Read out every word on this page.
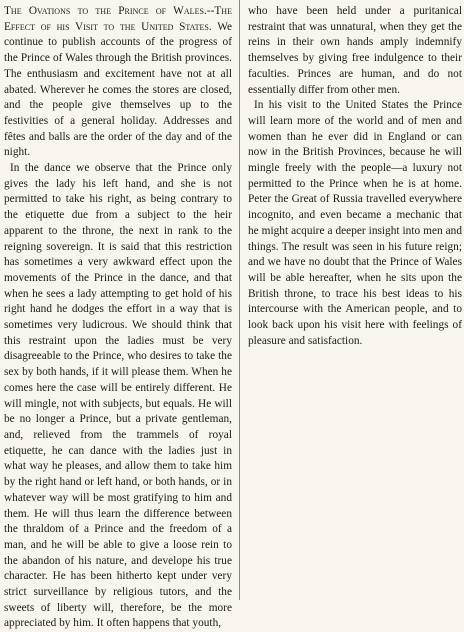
The Ovations to the Prince of Wales.--The Effect of his Visit to the United States. We continue to publish accounts of the progress of the Prince of Wales through the British provinces. The enthusiasm and excitement have not at all abated. Wherever he comes the stores are closed, and the people give themselves up to the festivities of a general holiday. Addresses and fêtes and balls are the order of the day and of the night.

In the dance we observe that the Prince only gives the lady his left hand, and she is not permitted to take his right, as being contrary to the etiquette due from a subject to the heir apparent to the throne, the next in rank to the reigning sovereign. It is said that this restriction has sometimes a very awkward effect upon the movements of the Prince in the dance, and that when he sees a lady attempting to get hold of his right hand he dodges the effort in a way that is sometimes very ludicrous. We should think that this restraint upon the ladies must be very disagreeable to the Prince, who desires to take the sex by both hands, if it will please them. When he comes here the case will be entirely different. He will mingle, not with subjects, but equals. He will be no longer a Prince, but a private gentleman, and, relieved from the trammels of royal etiquette, he can dance with the ladies just in what way he pleases, and allow them to take him by the right hand or left hand, or both hands, or in whatever way will be most gratifying to him and them. He will thus learn the difference between the thraldom of a Prince and the freedom of a man, and he will be able to give a loose rein to the abandon of his nature, and develope his true character. He has been hitherto kept under very strict surveillance by religious tutors, and the sweets of liberty will, therefore, be the more appreciated by him. It often happens that youth,

who have been held under a puritanical restraint that was unnatural, when they get the reins in their own hands amply indemnify themselves by giving free indulgence to their faculties. Princes are human, and do not essentially differ from other men.

In his visit to the United States the Prince will learn more of the world and of men and women than he ever did in England or can now in the British Provinces, because he will mingle freely with the people—a luxury not permitted to the Prince when he is at home. Peter the Great of Russia travelled everywhere incognito, and even became a mechanic that he might acquire a deeper insight into men and things. The result was seen in his future reign; and we have no doubt that the Prince of Wales will be able hereafter, when he sits upon the British throne, to trace his best ideas to his intercourse with the American people, and to look back upon his visit here with feelings of pleasure and satisfaction.
